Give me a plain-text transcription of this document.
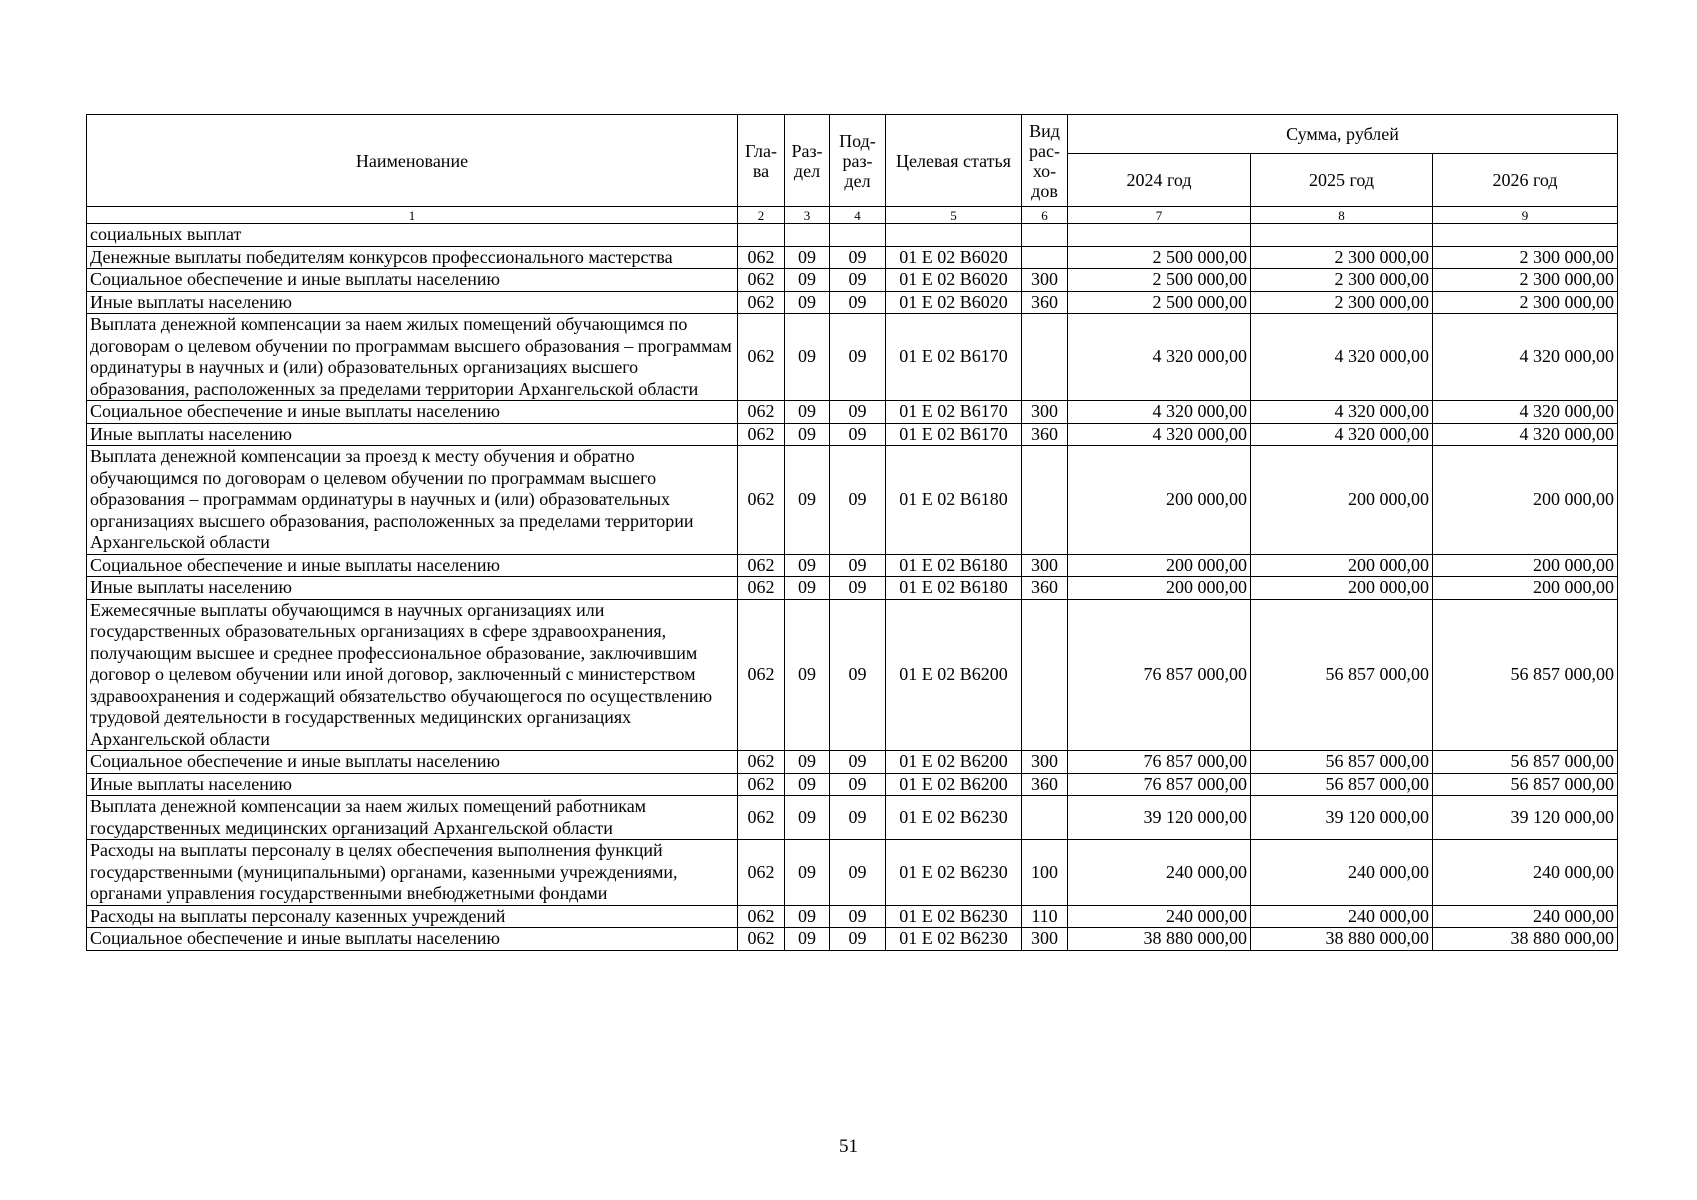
Наименование	Гла-ва	Раз-дел	Под-раз-дел	Целевая статья	Вид рас-хо-дов	Сумма, рублей		
						2024 год	2025 год	2026 год
1	2	3	4	5	6	7	8	9
социальных выплат								
Денежные выплаты победителям конкурсов профессионального мастерства	062	09	09	01 Е 02 В6020		2 500 000,00	2 300 000,00	2 300 000,00
Социальное обеспечение и иные выплаты населению	062	09	09	01 Е 02 В6020	300	2 500 000,00	2 300 000,00	2 300 000,00
Иные выплаты населению	062	09	09	01 Е 02 В6020	360	2 500 000,00	2 300 000,00	2 300 000,00
Выплата денежной компенсации за наем жилых помещений обучающимся по договорам о целевом обучении по программам высшего образования – программам ординатуры в научных и (или) образовательных организациях высшего образования, расположенных за пределами территории Архангельской области	062	09	09	01 Е 02 В6170		4 320 000,00	4 320 000,00	4 320 000,00
Социальное обеспечение и иные выплаты населению	062	09	09	01 Е 02 В6170	300	4 320 000,00	4 320 000,00	4 320 000,00
Иные выплаты населению	062	09	09	01 Е 02 В6170	360	4 320 000,00	4 320 000,00	4 320 000,00
Выплата денежной компенсации за проезд к месту обучения и обратно обучающимся по договорам о целевом обучении по программам высшего образования – программам ординатуры в научных и (или) образовательных организациях высшего образования, расположенных за пределами территории Архангельской области	062	09	09	01 Е 02 В6180		200 000,00	200 000,00	200 000,00
Социальное обеспечение и иные выплаты населению	062	09	09	01 Е 02 В6180	300	200 000,00	200 000,00	200 000,00
Иные выплаты населению	062	09	09	01 Е 02 В6180	360	200 000,00	200 000,00	200 000,00
Ежемесячные выплаты обучающимся в научных организациях или государственных образовательных организациях в сфере здравоохранения, получающим высшее и среднее профессиональное образование, заключившим договор о целевом обучении или иной договор, заключенный с министерством здравоохранения и содержащий обязательство обучающегося по осуществлению трудовой деятельности в государственных медицинских организациях Архангельской области	062	09	09	01 Е 02 В6200		76 857 000,00	56 857 000,00	56 857 000,00
Социальное обеспечение и иные выплаты населению	062	09	09	01 Е 02 В6200	300	76 857 000,00	56 857 000,00	56 857 000,00
Иные выплаты населению	062	09	09	01 Е 02 В6200	360	76 857 000,00	56 857 000,00	56 857 000,00
Выплата денежной компенсации за наем жилых помещений работникам государственных медицинских организаций Архангельской области	062	09	09	01 Е 02 В6230		39 120 000,00	39 120 000,00	39 120 000,00
Расходы на выплаты персоналу в целях обеспечения выполнения функций государственными (муниципальными) органами, казенными учреждениями, органами управления государственными внебюджетными фондами	062	09	09	01 Е 02 В6230	100	240 000,00	240 000,00	240 000,00
Расходы на выплаты персоналу казенных учреждений	062	09	09	01 Е 02 В6230	110	240 000,00	240 000,00	240 000,00
Социальное обеспечение и иные выплаты населению	062	09	09	01 Е 02 В6230	300	38 880 000,00	38 880 000,00	38 880 000,00
51
